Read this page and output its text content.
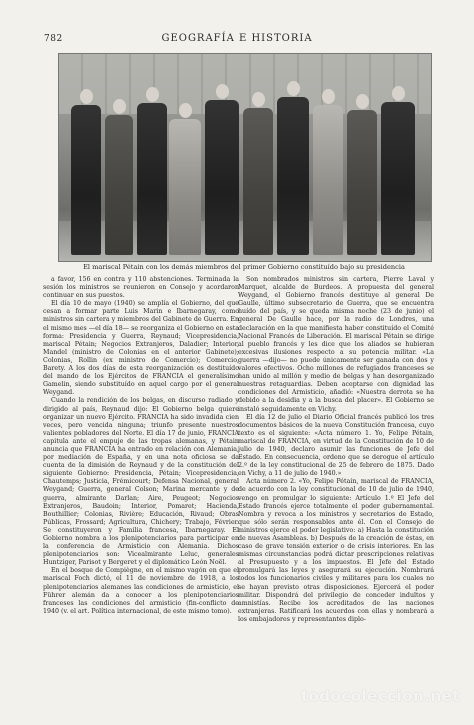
782	GEOGRAFÍA E HISTORIA
El mariscal Pétain con los demás miembros del primer Gobierno constituído bajo su presidencia

a favor, 156 en contra y 110 abstenciones. Terminada la sesión los ministros se reunieron en Consejo y acordaron continuar en sus puestos.

El día 10 de mayo (1940) se amplía el Gobierno, del que cesan a formar parte Luis Marin e Ibarnegaray, como ministros sin cartera y miembros del Gabinete de Guerra. En el mismo mes —el día 18— se reorganiza el Gobierno en esta forma: Presidencia y Guerra, Reynaud; Vicepresidencia, mariscal Pétain; Negocios Extranjeros, Daladier; Interior, Mandel (ministro de Colonias en el anterior Gabinete); Colonias, Rollin (ex ministro de Comercio); Comercio, Barety. A los dos días de esta reorganización es destituído del mando de los Ejércitos de FRANCIA el generalísimo Gamelin, siendo substituído en aquel cargo por el general Weygand.

Cuando la rendición de los belgas, en discurso radiado y dirigido al país, Reynaud dijo: El Gobierno belga quiere organizar un nuevo Ejército. FRANCIA ha sido invadida cien veces, pero vencida ninguna; triunfo presente nuestros valientes pobladores del Norte. El día 17 de junio, FRANCIA capitula ante el empuje de las tropas alemanas, y Pétain anuncia que FRANCIA ha entrado en relación con Alemania, por mediación de España, y en una nota oficiosa se da cuenta de la dimisión de Reynaud y de la constitución del siguiente Gobierno: Presidencia, Pétain; Vicepresidencia, Chautemps; Justicia, Frémicourt; Defensa Nacional, general Weygand; Guerra, general Colson; Marina mercante y de guerra, almirante Darlan; Aire, Peugeot; Negocios Extranjeros, Baudoin; Interior, Pomaret; Hacienda, Bouthillier; Colonias, Rivière; Educación, Rivaud; Obras Públicas, Frossard; Agricultura, Chichery; Trabajo, Février. Se constituyeron y Familia francesa, Ibarnegaray. El Gobierno nombra a los plenipotenciarios para participar en la conferencia de Armisticio con Alemania. Dichos plenipotenciarios son: Vicealmirante Leluc, generales Huntziger, Parisot y Bergeret y el diplomático León Noël.

En el bosque de Compiègne, en el mismo vagón en que el mariscal Foch dictó, el 11 de noviembre de 1918, a los plenipotenciarios alemanes las condiciones de armisticio, el Führer alemán da a conocer a los plenipotenciarios franceses las condiciones del armisticio (fin-conflicto de 1940 (v. el art. Política internacional, de este mismo tomo).

Son nombrados ministros sin cartera, Pierre Laval y Marquet, alcalde de Burdeos. A propuesta del general Weygand, el Gobierno francés destituye al general De Gaulle, último subsecretario de Guerra, que se encuentra huído del país, y se queda misma noche (23 de junio) el general De Gaulle hace, por la radio de Londres, una declaración en la que manifiesta haber constituído el Comité Nacional Francés de Liberación. El mariscal Pétain se dirige al pueblo francés y les dice que los aliados se hubieran excesivas ilusiones respecto a su potencia militar. «La guerra —dijo— no puede únicamente ser ganada con dos y valores efectivos. Ocho millones de refugiados franceses se han unido al millón y medio de belgas y han desorganizado nuestras retaguardias. Deben aceptarse con dignidad las condiciones del Armisticio, añadió: «Nuestra derrota se ha debido a la desidia y a la busca del placer». El Gobierno se instaló seguidamente en Vichy.

El día 12 de julio el Diario Oficial francés publicó los tres documentos básicos de la nueva Constitución francesa, cuyo texto es el siguiente: «Acta número 1. Yo, Felipe Pétain, mariscal de FRANCIA, en virtud de la Constitución de 10 de julio de 1940, declaro asumir las funciones de Jefe del Estado. En consecuencia, ordeno que se derogue el artículo 2.º de la ley constitucional de 25 de febrero de 1875. Dado en Vichy, a 11 de julio de 1940.»

Acta número 2. «Yo, Felipe Pétain, mariscal de FRANCIA, de acuerdo con la ley constitucional de 10 de julio de 1940, vengo en promulgar lo siguiente: Artículo 1.º El Jefe del Estado francés ejerce totalmente el poder gubernamental. Nombra y revoca a los ministros y secretarios de Estado, que sólo serán responsables ante él. Con el Consejo de ministros ejerce el poder legislativo: a) Hasta la constitución de nuevas Asambleas. b) Después de la creación de éstas, en caso de grave tensión exterior o de crisis interiores. En las mismas circunstancias podrá dictar prescripciones relativas al Presupuesto y a los impuestos. El Jefe del Estado promulgará las leyes y asegurará su ejecución. Nombrará todos los funcionarios civiles y militares para los cuales no se hayan previsto otras disposiciones. Ejercerá el poder militar. Dispondrá del privilegio de conceder indultos y amnistías. Recibe los acreditados de las naciones extranjeras. Ratificará los acuerdos con ellas y nombrará a los embajadores y representantes diplo-

todocoleccion.net
